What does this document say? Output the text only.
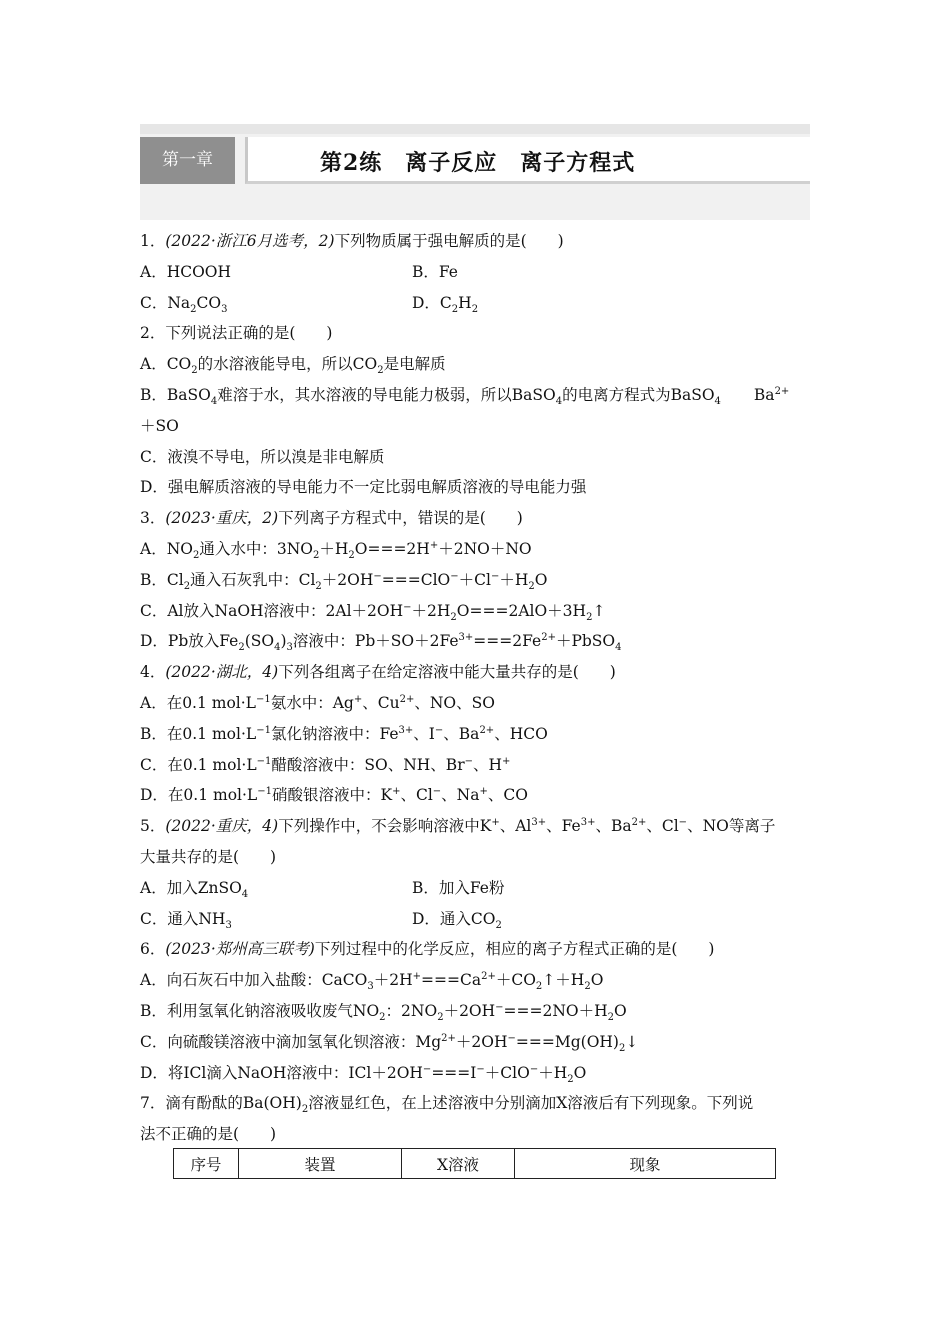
第一章	第2练　离子反应　离子方程式
1．(2022·浙江6月选考，2)下列物质属于强电解质的是(　　)
A．HCOOH	B．Fe
C．$Na_2CO_3$	D．$C_2H_2$
2．下列说法正确的是(　　)
A．$CO_2$的水溶液能导电，所以$CO_2$是电解质
B．BaSO$_4$难溶于水，其水溶液的导电能力极弱，所以BaSO$_4$的电离方程式为BaSO$_4$ $Ba^{2+}$
＋SO
C．液溴不导电，所以溴是非电解质
D．强电解质溶液的导电能力不一定比弱电解质溶液的导电能力强
3．(2023·重庆，2)下列离子方程式中，错误的是(　　)
A．$NO_2$通入水中：$3NO_2+H_2O===2H^++2NO+NO$
B．$Cl_2$通入石灰乳中：$Cl_2+2OH^-===ClO^-+Cl^-+H_2O$
C．Al放入NaOH溶液中：$2Al+2OH^-+2H_2O===2AlO+3H_2↑$
D．Pb放入$Fe_2(SO_4)_3$溶液中：$Pb+SO+2Fe^{3+}===2Fe^{2+}+PbSO_4$
4．(2022·湖北，4)下列各组离子在给定溶液中能大量共存的是(　　)
A．在0.1 $mol\cdot L^{-1}$氨水中：Ag+、$Cu^{2+}$、NO、SO
B．在0.1 $mol\cdot L^{-1}$氯化钠溶液中：$Fe^{3+}$、I−、$Ba^{2+}$、HCO
C．在0.1 $mol\cdot L^{-1}$醋酸溶液中：SO、NH、Br−、H+
D．在0.1 $mol\cdot L^{-1}$硝酸银溶液中：K+、Cl−、Na+、CO
5．(2022·重庆，4)下列操作中，不会影响溶液中K+、$Al^{3+}$、$Fe^{3+}$、$Ba^{2+}$、Cl−、NO等离子
大量共存的是(　　)
A．加入ZnSO$_4$	B．加入Fe粉
C．通入$NH_3$	D．通入$CO_2$
6．(2023·郑州高三联考)下列过程中的化学反应，相应的离子方程式正确的是(　　)
A．向石灰石中加入盐酸：$CaCO_3+2H^+===Ca^{2+}+CO_2↑+H_2O$
B．利用氢氧化钠溶液吸收废气$NO_2$：$2NO_2+2OH^-===2NO+H_2O$
C．向硫酸镁溶液中滴加氢氧化钡溶液：$Mg^{2+}+2OH^-===Mg(OH)_2↓$
D．将ICl滴入NaOH溶液中：$ICl+2OH^-===I^-+ClO^-+H_2O$
7．滴有酚酞的$Ba(OH)_2$溶液显红色，在上述溶液中分别滴加X溶液后有下列现象。下列说
法不正确的是(　　)
序号	装置	X溶液	现象
